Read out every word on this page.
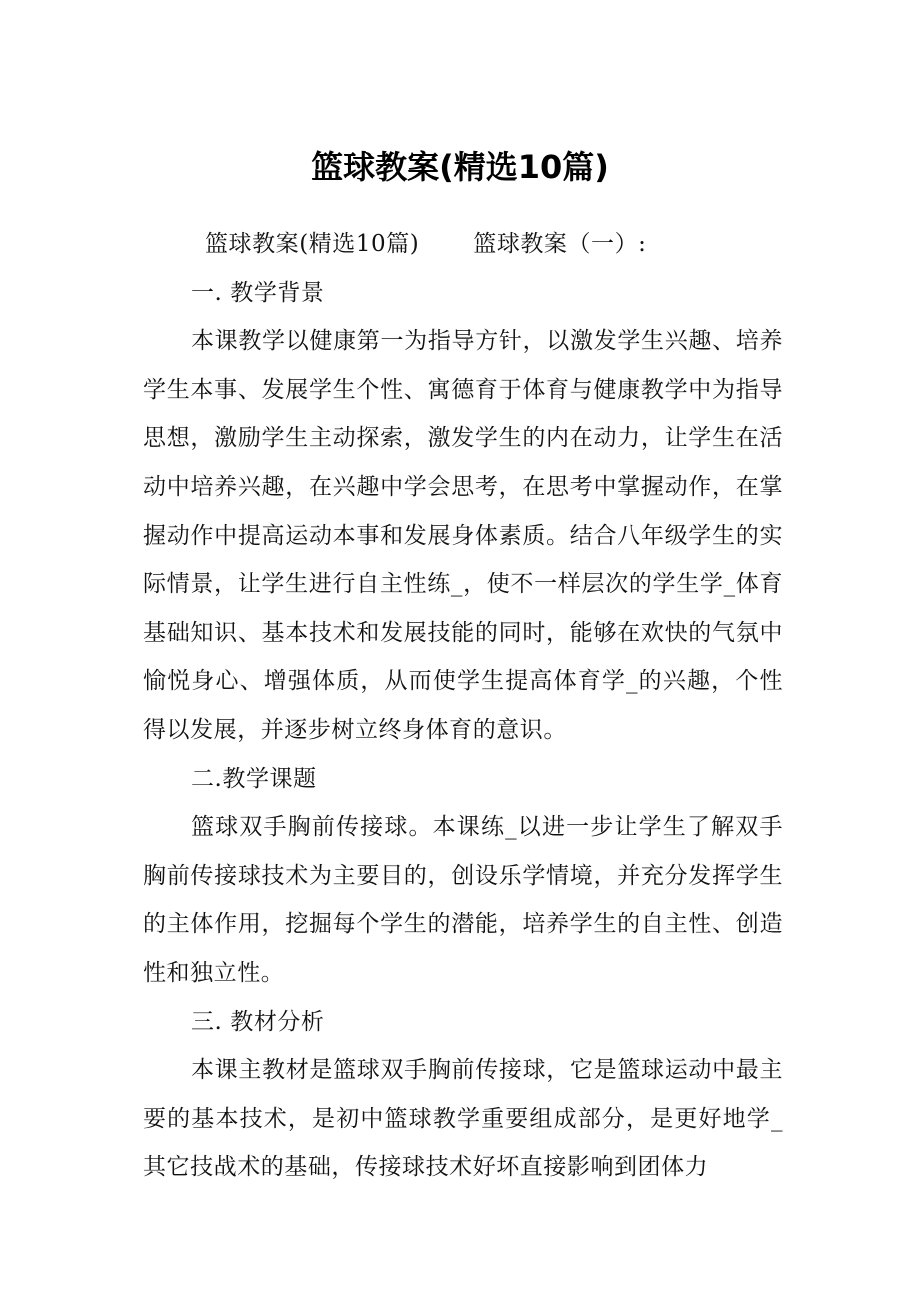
篮球教案(精选10篇)

篮球教案(精选10篇) 篮球教案（一）:

一. 教学背景

本课教学以健康第一为指导方针，以激发学生兴趣、培养学生本事、发展学生个性、寓德育于体育与健康教学中为指导思想，激励学生主动探索，激发学生的内在动力，让学生在活动中培养兴趣，在兴趣中学会思考，在思考中掌握动作，在掌握动作中提高运动本事和发展身体素质。结合八年级学生的实际情景，让学生进行自主性练_，使不一样层次的学生学_体育基础知识、基本技术和发展技能的同时，能够在欢快的气氛中愉悦身心、增强体质，从而使学生提高体育学_的兴趣，个性得以发展，并逐步树立终身体育的意识。

二.教学课题

篮球双手胸前传接球。本课练_以进一步让学生了解双手胸前传接球技术为主要目的，创设乐学情境，并充分发挥学生的主体作用，挖掘每个学生的潜能，培养学生的自主性、创造性和独立性。

三. 教材分析

本课主教材是篮球双手胸前传接球，它是篮球运动中最主要的基本技术，是初中篮球教学重要组成部分，是更好地学_其它技战术的基础，传接球技术好坏直接影响到团体力
